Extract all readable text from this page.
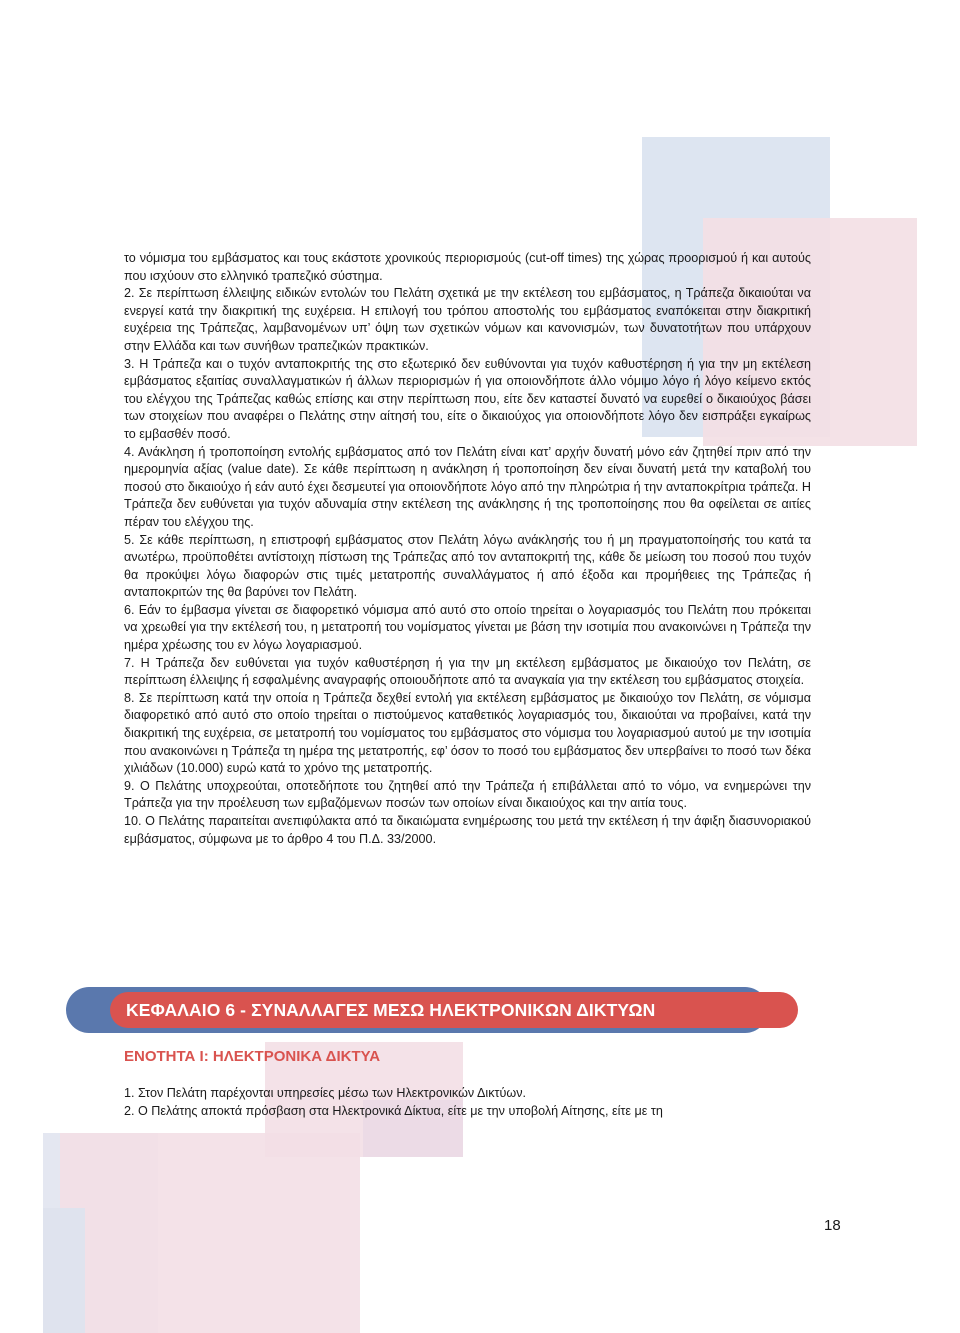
το νόμισμα του εμβάσματος και τους εκάστοτε χρονικούς περιορισμούς (cut-off times) της χώρας προορισμού ή και αυτούς που ισχύουν στο ελληνικό τραπεζικό σύστημα.

2. Σε περίπτωση έλλειψης ειδικών εντολών του Πελάτη σχετικά με την εκτέλεση του εμβάσματος, η Τράπεζα δικαιούται να ενεργεί κατά την διακριτική της ευχέρεια. Η επιλογή του τρόπου αποστολής του εμβάσματος εναπόκειται στην διακριτική ευχέρεια της Τράπεζας, λαμβανομένων υπ’ όψη των σχετικών νόμων και κανονισμών, των δυνατοτήτων που υπάρχουν στην Ελλάδα και των συνήθων τραπεζικών πρακτικών.

3. Η Τράπεζα και ο τυχόν ανταποκριτής της στο εξωτερικό δεν ευθύνονται για τυχόν καθυστέρηση ή για την μη εκτέλεση εμβάσματος εξαιτίας συναλλαγματικών ή άλλων περιορισμών ή για οποιονδήποτε άλλο νόμιμο λόγο ή λόγο κείμενο εκτός του ελέγχου της Τράπεζας καθώς επίσης και στην περίπτωση που, είτε δεν καταστεί δυνατό να ευρεθεί ο δικαιούχος βάσει των στοιχείων που αναφέρει ο Πελάτης στην αίτησή του, είτε ο δικαιούχος για οποιονδήποτε λόγο δεν εισπράξει εγκαίρως το εμβασθέν ποσό.

4. Ανάκληση ή τροποποίηση εντολής εμβάσματος από τον Πελάτη είναι κατ’ αρχήν δυνατή μόνο εάν ζητηθεί πριν από την ημερομηνία αξίας (value date). Σε κάθε περίπτωση η ανάκληση ή τροποποίηση δεν είναι δυνατή μετά την καταβολή του ποσού στο δικαιούχο ή εάν αυτό έχει δεσμευτεί για οποιονδήποτε λόγο από την πληρώτρια ή την ανταποκρίτρια τράπεζα. Η Τράπεζα δεν ευθύνεται για τυχόν αδυναμία στην εκτέλεση της ανάκλησης ή της τροποποίησης που θα οφείλεται σε αιτίες πέραν του ελέγχου της.

5. Σε κάθε περίπτωση, η επιστροφή εμβάσματος στον Πελάτη λόγω ανάκλησής του ή μη πραγματοποίησής του κατά τα ανωτέρω, προϋποθέτει αντίστοιχη πίστωση της Τράπεζας από τον ανταποκριτή της, κάθε δε μείωση του ποσού που τυχόν θα προκύψει λόγω διαφορών στις τιμές μετατροπής συναλλάγματος ή από έξοδα και προμήθειες της Τράπεζας ή ανταποκριτών της θα βαρύνει τον Πελάτη.

6. Εάν το έμβασμα γίνεται σε διαφορετικό νόμισμα από αυτό στο οποίο τηρείται ο λογαριασμός του Πελάτη που πρόκειται να χρεωθεί για την εκτέλεσή του, η μετατροπή του νομίσματος γίνεται με βάση την ισοτιμία που ανακοινώνει η Τράπεζα την ημέρα χρέωσης του εν λόγω λογαριασμού.

7. Η Τράπεζα δεν ευθύνεται για τυχόν καθυστέρηση ή για την μη εκτέλεση εμβάσματος με δικαιούχο τον Πελάτη, σε περίπτωση έλλειψης ή εσφαλμένης αναγραφής οποιουδήποτε από τα αναγκαία για την εκτέλεση του εμβάσματος στοιχεία.

8. Σε περίπτωση κατά την οποία η Τράπεζα δεχθεί εντολή για εκτέλεση εμβάσματος με δικαιούχο τον Πελάτη, σε νόμισμα διαφορετικό από αυτό στο οποίο τηρείται ο πιστούμενος καταθετικός λογαριασμός του, δικαιούται να προβαίνει, κατά την διακριτική της ευχέρεια, σε μετατροπή του νομίσματος του εμβάσματος στο νόμισμα του λογαριασμού αυτού με την ισοτιμία που ανακοινώνει η Τράπεζα τη ημέρα της μετατροπής, εφ’ όσον το ποσό του εμβάσματος δεν υπερβαίνει το ποσό των δέκα χιλιάδων (10.000) ευρώ κατά το χρόνο της μετατροπής.

9. Ο Πελάτης υποχρεούται, οποτεδήποτε του ζητηθεί από την Τράπεζα ή επιβάλλεται από το νόμο, να ενημερώνει την Τράπεζα για την προέλευση των εμβαζόμενων ποσών των οποίων είναι δικαιούχος και την αιτία τους.

10. Ο Πελάτης παραιτείται ανεπιφύλακτα από τα δικαιώματα ενημέρωσης του μετά την εκτέλεση ή την άφιξη διασυνοριακού εμβάσματος, σύμφωνα με το άρθρο 4 του Π.Δ. 33/2000.

ΚΕΦΑΛΑΙΟ 6 - ΣΥΝΑΛΛΑΓΕΣ ΜΕΣΩ ΗΛΕΚΤΡΟΝΙΚΩΝ ΔΙΚΤΥΩΝ
ΕΝΟΤΗΤΑ Ι: ΗΛΕΚΤΡΟΝΙΚΑ ΔΙΚΤΥΑ

1. Στον Πελάτη παρέχονται υπηρεσίες μέσω των Ηλεκτρονικών Δικτύων.

2. Ο Πελάτης αποκτά πρόσβαση στα Ηλεκτρονικά Δίκτυα, είτε με την υποβολή Αίτησης, είτε με τη

18
